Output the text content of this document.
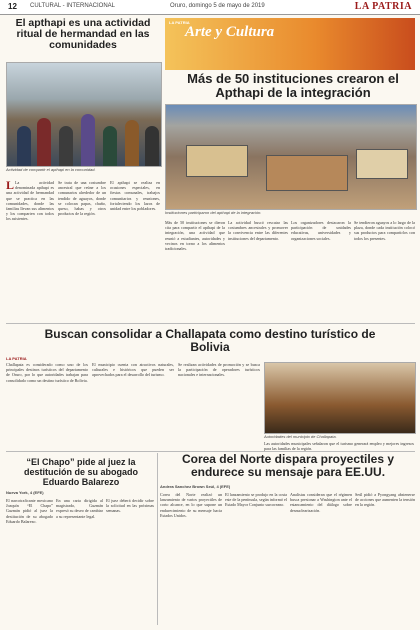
12 CULTURAL - INTERNACIONAL	Oruro, domingo 5 de mayo de 2019	LA PATRIA
El apthapi es una actividad ritual de hermandad en las comunidades
Actividad de compartir el apthapi en la comunidad.
L La actividad denominada apthapi es una actividad de hermandad que se practica en las comunidades, donde las familias llevan sus alimentos y los comparten con todos los asistentes.
Se trata de una costumbre ancestral que reúne a los comunarios alrededor de un tendido de aguayos, donde se colocan papas, chuño, queso, habas y otros productos de la región.
El apthapi se realiza en ocasiones especiales, en fiestas comunales, trabajos comunitarios y reuniones, fortaleciendo los lazos de unidad entre los pobladores.
LA PATRIA
Arte y Cultura
Más de 50 instituciones crearon el Apthapi de la integración
Instituciones participaron del apthapi de la integración.
Más de 50 instituciones se dieron cita para compartir el apthapi de la integración, una actividad que reunió a estudiantes, autoridades y vecinos en torno a los alimentos tradicionales.
La actividad buscó rescatar las costumbres ancestrales y promover la convivencia entre las diferentes instituciones del departamento.
Los organizadores destacaron la participación de unidades educativas, universidades y organizaciones sociales.
Se tendieron aguayos a lo largo de la plaza, donde cada institución colocó sus productos para compartirlos con todos los presentes.
Buscan consolidar a Challapata como destino turístico de Bolivia
LA PATRIA
Challapata es considerado como uno de los principales destinos turísticos del departamento de Oruro, por lo que autoridades trabajan para consolidarlo como un destino turístico de Bolivia.
El municipio cuenta con atractivos naturales, culturales e históricos que pueden ser aprovechados para el desarrollo del turismo.
Se realizan actividades de promoción y se busca la participación de operadores turísticos nacionales e internacionales.
Autoridades del municipio de Challapata.
Las autoridades municipales señalaron que el turismo generará empleo y mejores ingresos para las familias de la región.
“El Chapo” pide al juez la destitución de su abogado Eduardo Balarezo
Nueva York, 4 (EFE)
El narcotraficante mexicano Joaquín “El Chapo” Guzmán pidió al juez la destitución de su abogado Eduardo Balarezo.
En una carta dirigida al magistrado, Guzmán expresó su deseo de cambiar a su representante legal.
El juez deberá decidir sobre la solicitud en las próximas semanas.
Corea del Norte dispara proyectiles y endurece su mensaje para EE.UU.
Andrea Sanchez Brown Seúl, 4 (EFE)
Corea del Norte realizó un lanzamiento de varios proyectiles de corto alcance, en lo que supone un endurecimiento de su mensaje hacia Estados Unidos.
El lanzamiento se produjo en la costa este de la península, según informó el Estado Mayor Conjunto surcoreano.
Analistas consideran que el régimen busca presionar a Washington ante el estancamiento del diálogo sobre desnuclearización.
Seúl pidió a Pyongyang abstenerse de acciones que aumenten la tensión en la región.
